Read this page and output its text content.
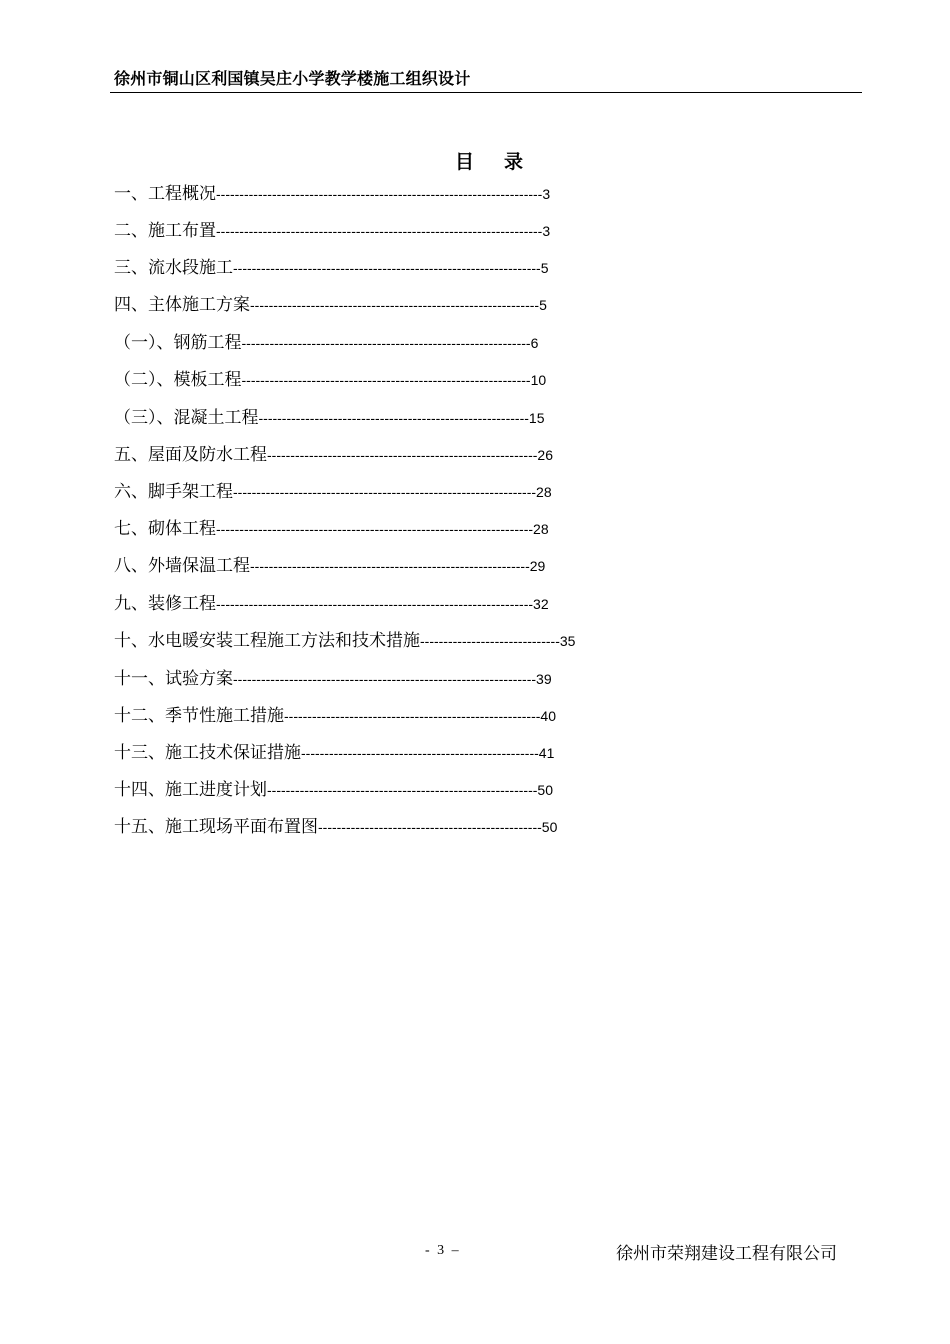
徐州市铜山区利国镇吴庄小学教学楼施工组织设计
目 录
一、工程概况----------------------------------------------------------------------3
二、施工布置----------------------------------------------------------------------3
三、流水段施工------------------------------------------------------------------5
四、主体施工方案--------------------------------------------------------------5
（一）、钢筋工程--------------------------------------------------------------6
（二）、模板工程--------------------------------------------------------------10
（三）、混凝土工程----------------------------------------------------------15
五、屋面及防水工程----------------------------------------------------------26
六、脚手架工程-----------------------------------------------------------------28
七、砌体工程--------------------------------------------------------------------28
八、外墙保温工程------------------------------------------------------------29
九、装修工程--------------------------------------------------------------------32
十、水电暖安装工程施工方法和技术措施------------------------------35
十一、试验方案-----------------------------------------------------------------39
十二、季节性施工措施-------------------------------------------------------40
十三、施工技术保证措施---------------------------------------------------41
十四、施工进度计划----------------------------------------------------------50
十五、施工现场平面布置图------------------------------------------------50
- 3 –	徐州市荣翔建设工程有限公司
